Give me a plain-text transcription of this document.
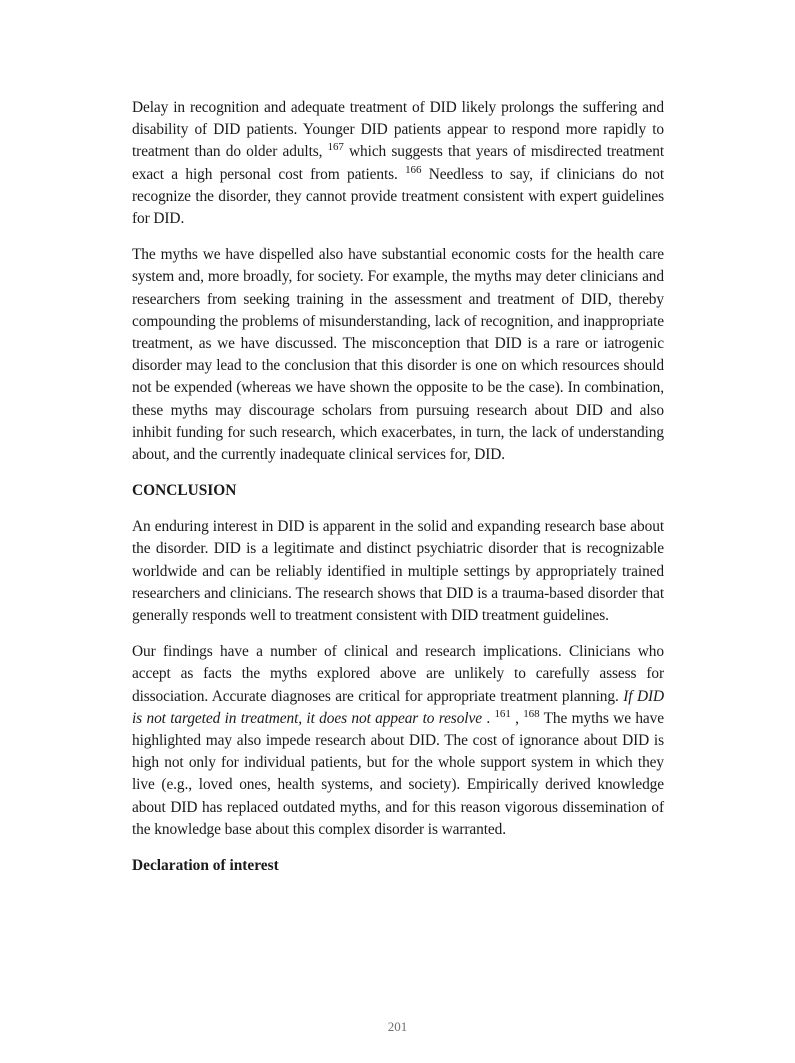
Delay in recognition and adequate treatment of DID likely prolongs the suffering and disability of DID patients. Younger DID patients appear to respond more rapidly to treatment than do older adults, $^{167}$ which suggests that years of misdirected treatment exact a high personal cost from patients. $^{166}$ Needless to say, if clinicians do not recognize the disorder, they cannot provide treatment consistent with expert guidelines for DID.

The myths we have dispelled also have substantial economic costs for the health care system and, more broadly, for society. For example, the myths may deter clinicians and researchers from seeking training in the assessment and treatment of DID, thereby compounding the problems of misunderstanding, lack of recognition, and inappropriate treatment, as we have discussed. The misconception that DID is a rare or iatrogenic disorder may lead to the conclusion that this disorder is one on which resources should not be expended (whereas we have shown the opposite to be the case). In combination, these myths may discourage scholars from pursuing research about DID and also inhibit funding for such research, which exacerbates, in turn, the lack of understanding about, and the currently inadequate clinical services for, DID.

CONCLUSION

An enduring interest in DID is apparent in the solid and expanding research base about the disorder. DID is a legitimate and distinct psychiatric disorder that is recognizable worldwide and can be reliably identified in multiple settings by appropriately trained researchers and clinicians. The research shows that DID is a trauma-based disorder that generally responds well to treatment consistent with DID treatment guidelines.

Our findings have a number of clinical and research implications. Clinicians who accept as facts the myths explored above are unlikely to carefully assess for dissociation. Accurate diagnoses are critical for appropriate treatment planning. If DID is not targeted in treatment, it does not appear to resolve . $^{161}$ , $^{168}$ The myths we have highlighted may also impede research about DID. The cost of ignorance about DID is high not only for individual patients, but for the whole support system in which they live (e.g., loved ones, health systems, and society). Empirically derived knowledge about DID has replaced outdated myths, and for this reason vigorous dissemination of the knowledge base about this complex disorder is warranted.

Declaration of interest
201
